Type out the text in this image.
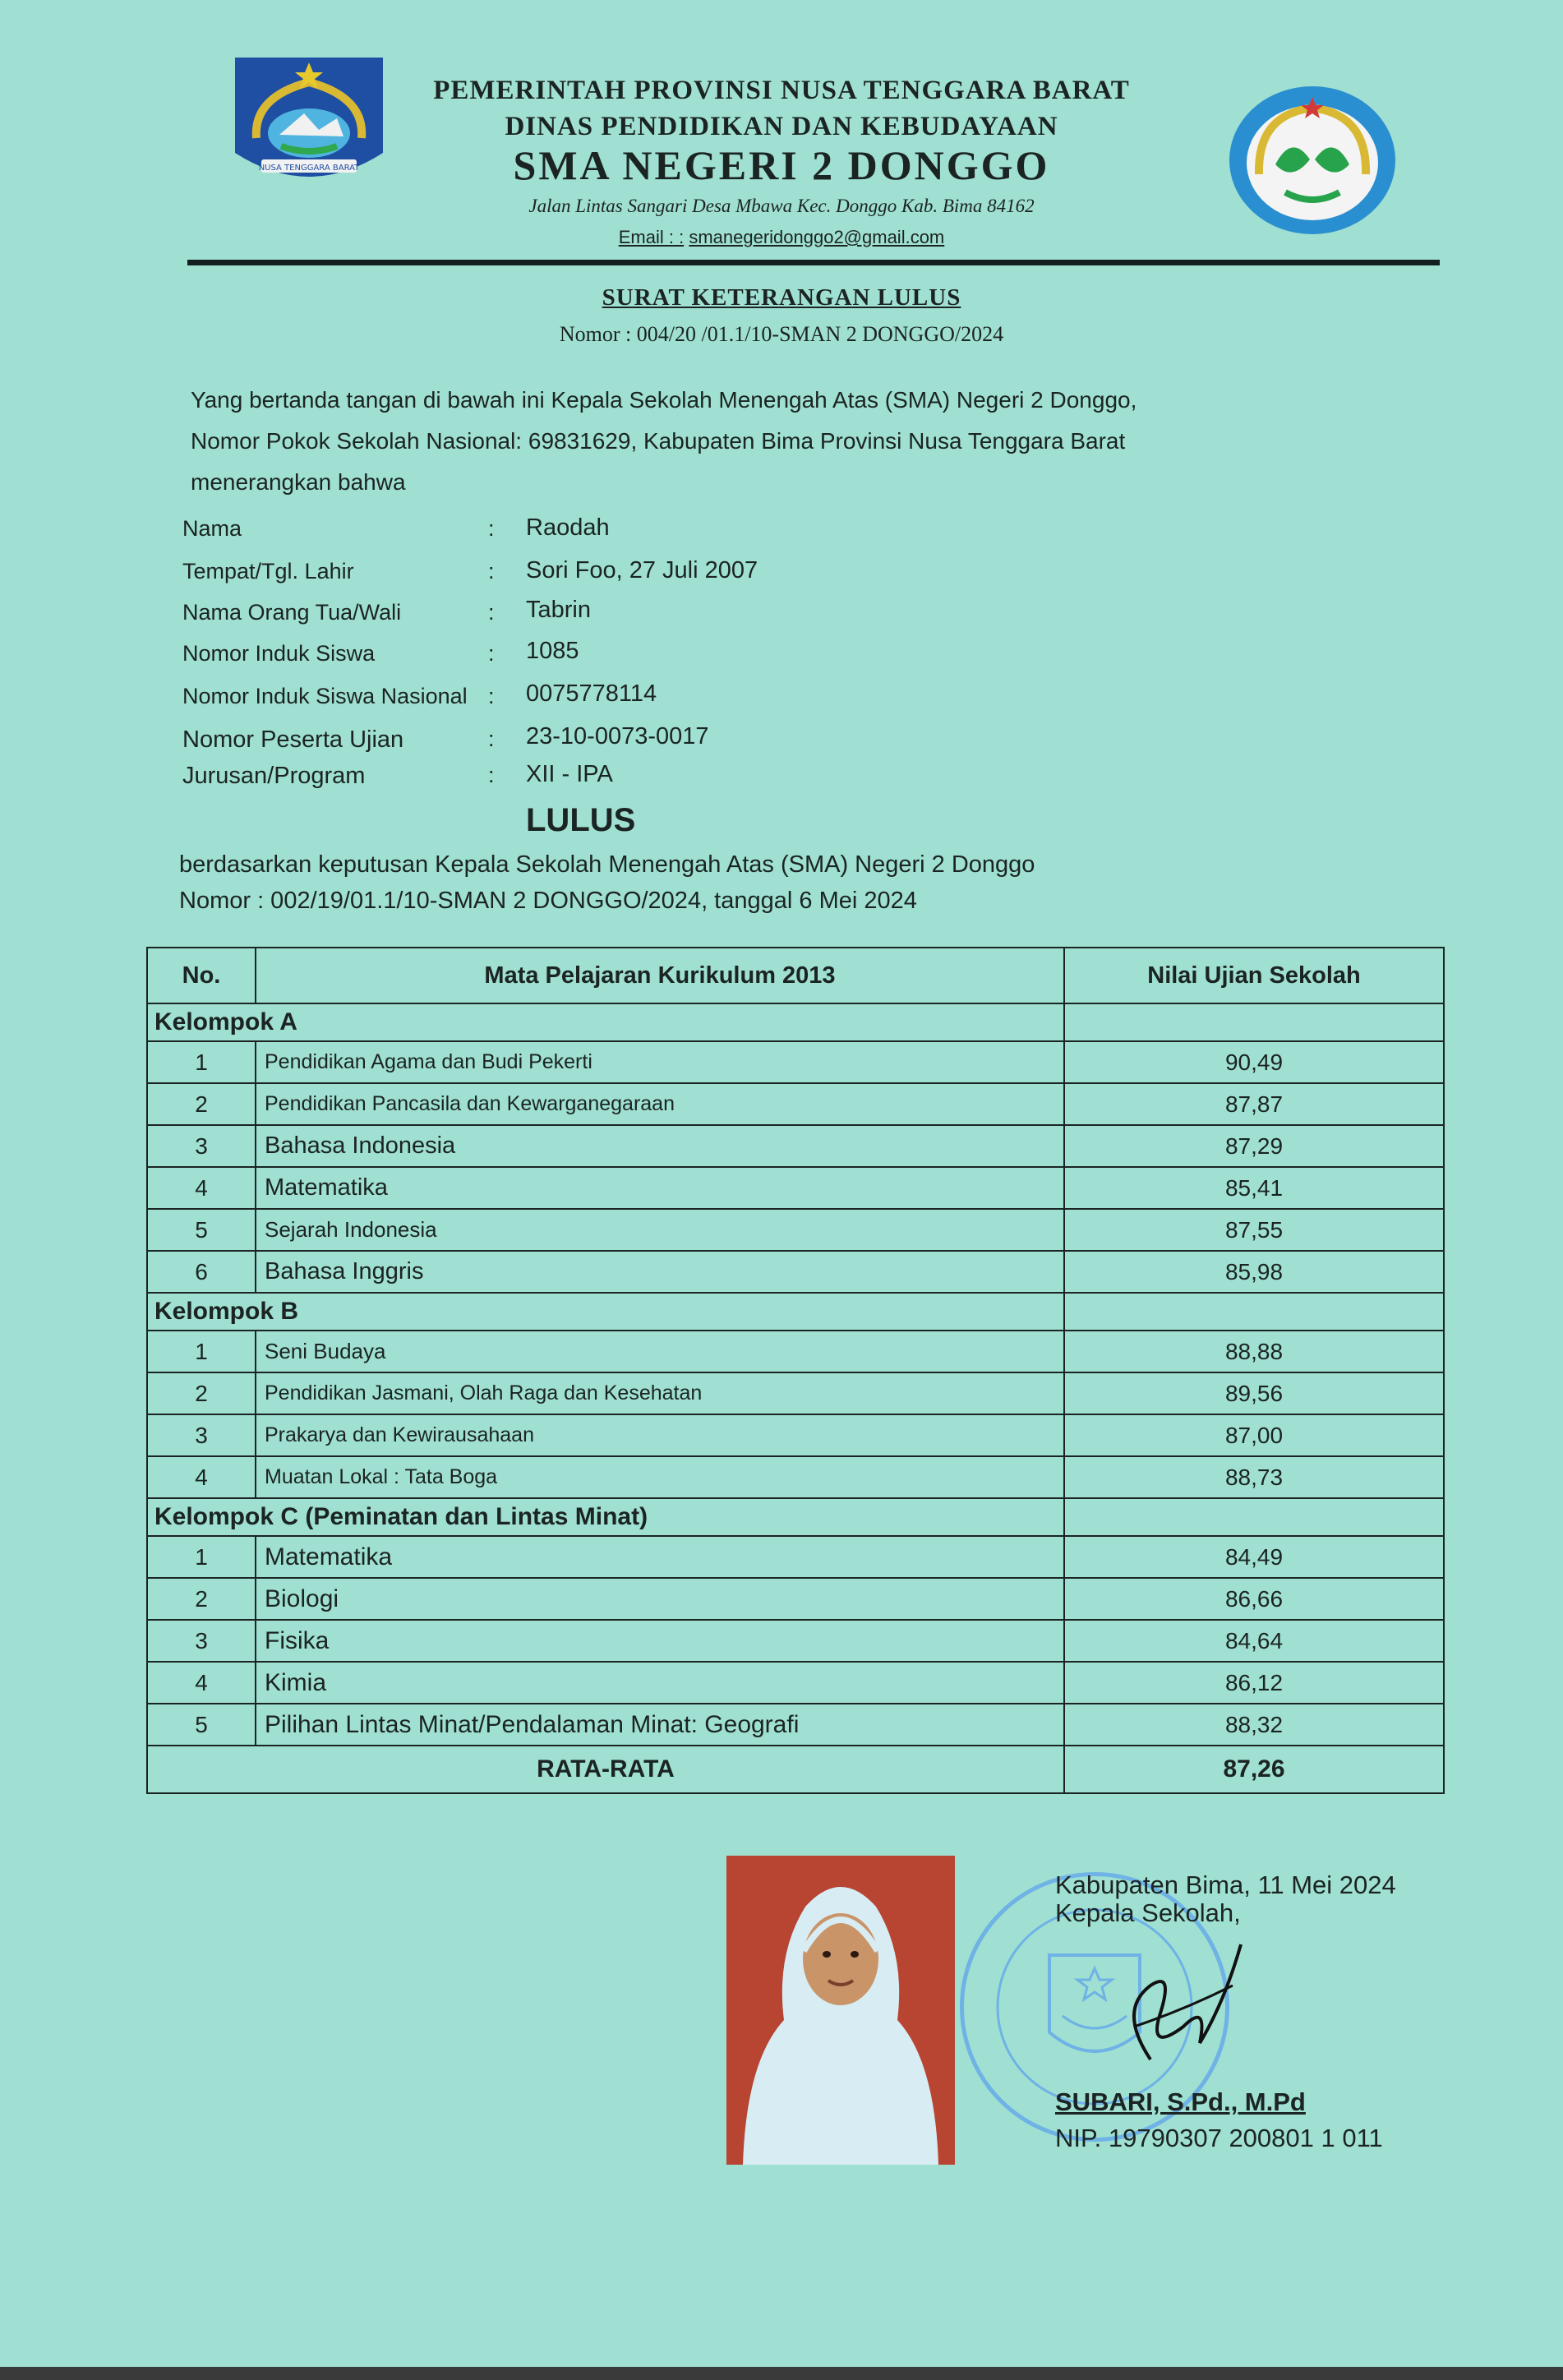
NUSA TENGGARA BARAT
PEMERINTAH PROVINSI NUSA TENGGARA BARAT
DINAS PENDIDIKAN DAN KEBUDAYAAN
SMA NEGERI 2 DONGGO
Jalan Lintas Sangari Desa Mbawa Kec. Donggo Kab. Bima 84162
Email : : smanegeridonggo2@gmail.com
SURAT KETERANGAN LULUS
Nomor : 004/20 /01.1/10-SMAN 2 DONGGO/2024
Yang bertanda tangan di bawah ini Kepala Sekolah Menengah Atas (SMA) Negeri 2 Donggo,
Nomor Pokok Sekolah Nasional: 69831629, Kabupaten Bima Provinsi Nusa Tenggara Barat
menerangkan bahwa
Nama	: Raodah
Tempat/Tgl. Lahir	: Sori Foo, 27 Juli 2007
Nama Orang Tua/Wali	: Tabrin
Nomor Induk Siswa	: 1085
Nomor Induk Siswa Nasional : 0075778114
Nomor Peserta Ujian	: 23-10-0073-0017
Jurusan/Program	: XII - IPA
LULUS
berdasarkan keputusan Kepala Sekolah Menengah Atas (SMA) Negeri 2 Donggo
Nomor : 002/19/01.1/10-SMAN 2 DONGGO/2024, tanggal 6 Mei 2024
No.	Mata Pelajaran Kurikulum 2013	Nilai Ujian Sekolah
Kelompok A		
1	Pendidikan Agama dan Budi Pekerti	90,49
2	Pendidikan Pancasila dan Kewarganegaraan	87,87
3	Bahasa Indonesia	87,29
4	Matematika	85,41
5	Sejarah Indonesia	87,55
6	Bahasa Inggris	85,98
Kelompok B		
1	Seni Budaya	88,88
2	Pendidikan Jasmani, Olah Raga dan Kesehatan	89,56
3	Prakarya dan Kewirausahaan	87,00
4	Muatan Lokal : Tata Boga	88,73
Kelompok C (Peminatan dan Lintas Minat)		
1	Matematika	84,49
2	Biologi	86,66
3	Fisika	84,64
4	Kimia	86,12
5	Pilihan Lintas Minat/Pendalaman Minat: Geografi	88,32
RATA-RATA		87,26
Kabupaten Bima, 11 Mei 2024
Kepala Sekolah,
SUBARI, S.Pd., M.Pd
NIP. 19790307 200801 1 011
